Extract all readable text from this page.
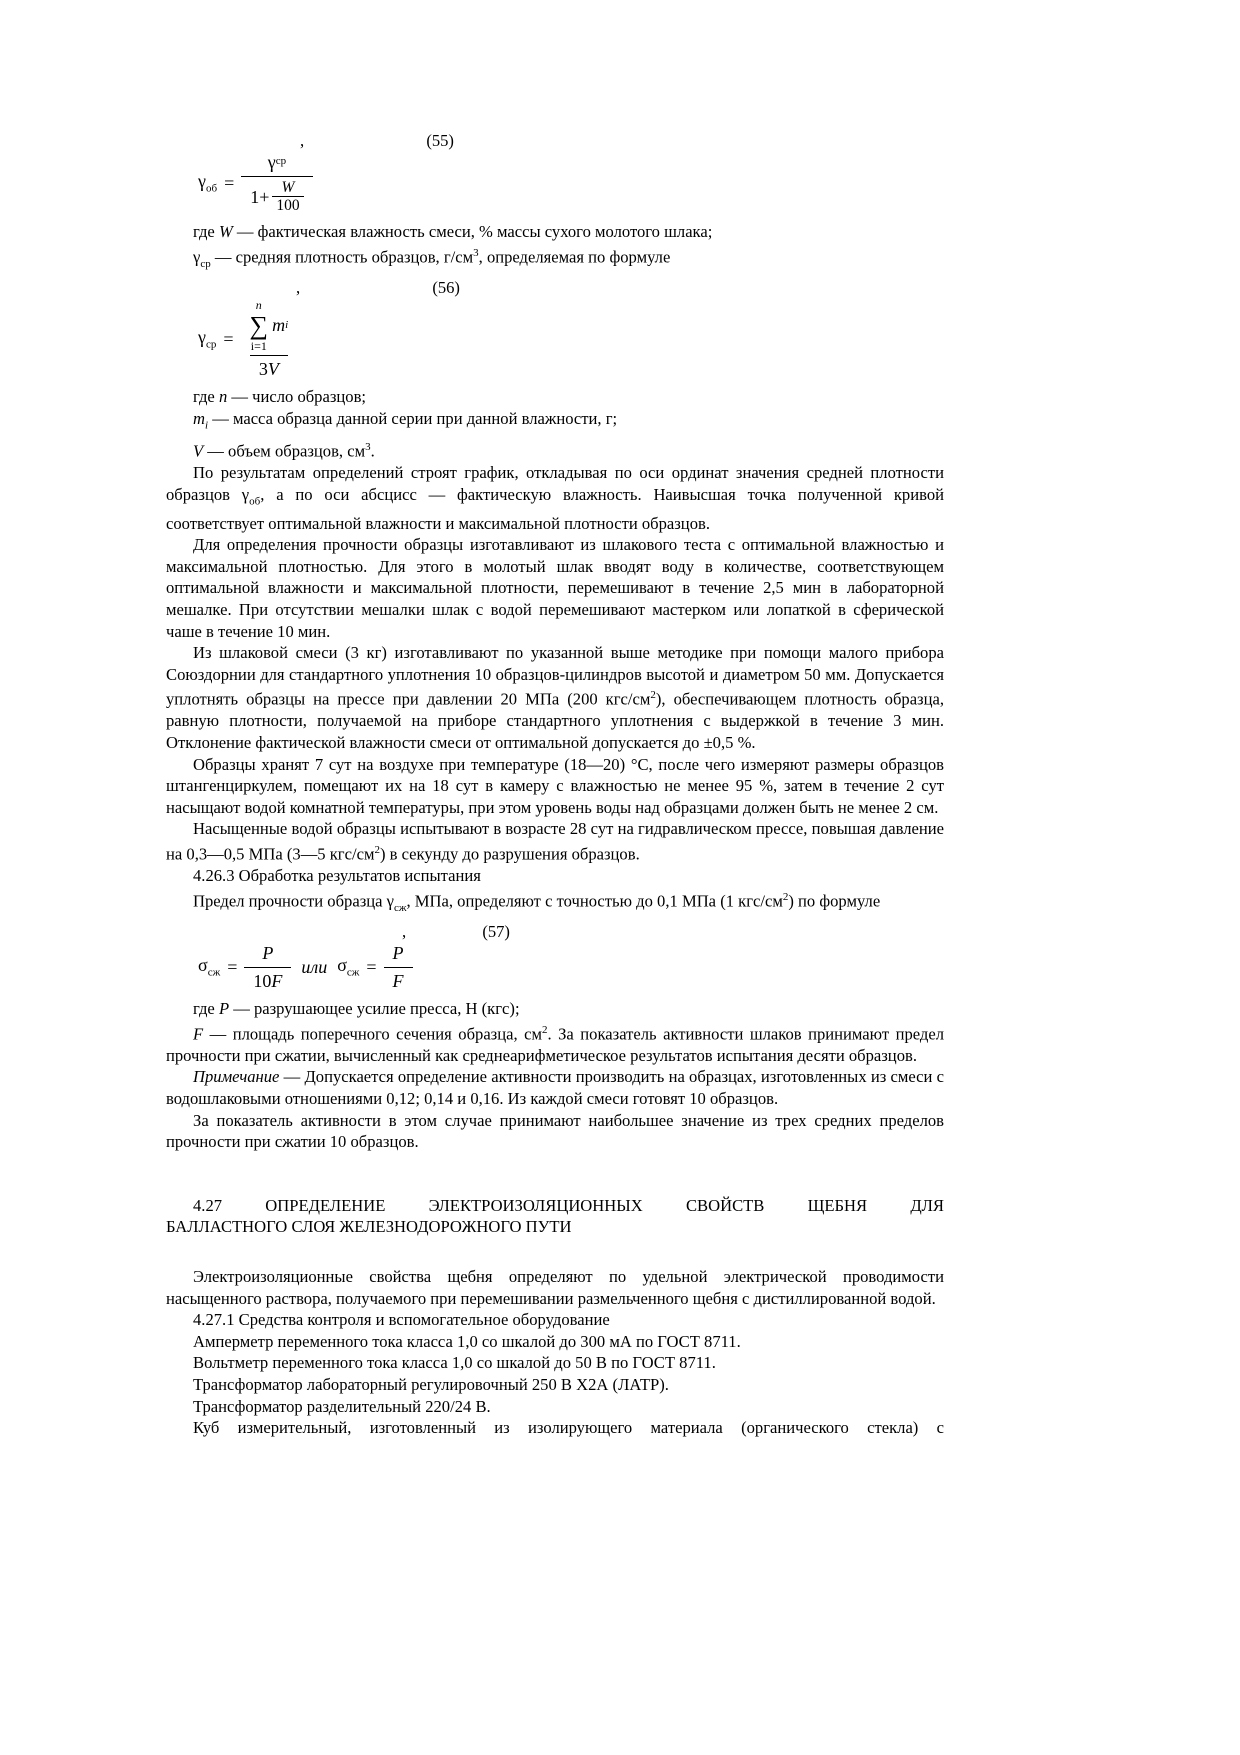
,	(55)
$\gamma_{об} = \frac{\text{γ ср}}{1+ \frac{W}{100}}$

где W — фактическая влажность смеси, % массы сухого молотого шлака;

$\gamma_{ср}$ — средняя плотность образцов, $г/см^3$, определяемая по формуле

,	(56)
$\gamma_{ср}$ =
n
∑
i=1
m i
3 V

где n — число образцов;

$m_i$ — масса образца данной серии при данной влажности, г;

V — объем образцов, $см^3$.

По результатам определений строят график, откладывая по оси ординат значения средней плотности образцов $\gamma_{об}$, а по оси абсцисс — фактическую влажность. Наивысшая точка полученной кривой соответствует оптимальной влажности и максимальной плотности образцов.

Для определения прочности образцы изготавливают из шлакового теста с оптимальной влажностью и максимальной плотностью. Для этого в молотый шлак вводят воду в количестве, соответствующем оптимальной влажности и максимальной плотности, перемешивают в течение 2,5 мин в лабораторной мешалке. При отсутствии мешалки шлак с водой перемешивают мастерком или лопаткой в сферической чаше в течение 10 мин.

Из шлаковой смеси (3 кг) изготавливают по указанной выше методике при помощи малого прибора Союздорнии для стандартного уплотнения 10 образцов-цилиндров высотой и диаметром 50 мм. Допускается уплотнять образцы на прессе при давлении 20 МПа (200 кгс/$см^2$), обеспечивающем плотность образца, равную плотности, получаемой на приборе стандартного уплотнения с выдержкой в течение 3 мин. Отклонение фактической влажности смеси от оптимальной допускается до ±0,5 %.

Образцы хранят 7 сут на воздухе при температуре (18—20) °С, после чего измеряют размеры образцов штангенциркулем, помещают их на 18 сут в камеру с влажностью не менее 95 %, затем в течение 2 сут насыщают водой комнатной температуры, при этом уровень воды над образцами должен быть не менее 2 см.

Насыщенные водой образцы испытывают в возрасте 28 сут на гидравлическом прессе, повышая давление на 0,3—0,5 МПа (3—5 кгс/$см^2$) в секунду до разрушения образцов.

4.26.3 Обработка результатов испытания

Предел прочности образца $\gamma_{сж}$, МПа, определяют с точностью до 0,1 МПа (1 кгс/$см^2$) по формуле

,	(57)
$\sigma_{сж} = \frac{P}{10 F}$ или $\sigma_{сж} = \frac{P}{F}$

где P — разрушающее усилие пресса, Н (кгс);

F — площадь поперечного сечения образца, $см^2$. За показатель активности шлаков принимают предел прочности при сжатии, вычисленный как среднеарифметическое результатов испытания десяти образцов.

Примечание — Допускается определение активности производить на образцах, изготовленных из смеси с водошлаковыми отношениями 0,12; 0,14 и 0,16. Из каждой смеси готовят 10 образцов.

За показатель активности в этом случае принимают наибольшее значение из трех средних пределов прочности при сжатии 10 образцов.

4.27 ОПРЕДЕЛЕНИЕ ЭЛЕКТРОИЗОЛЯЦИОННЫХ СВОЙСТВ ЩЕБНЯ ДЛЯ
БАЛЛАСТНОГО СЛОЯ ЖЕЛЕЗНОДОРОЖНОГО ПУТИ

Электроизоляционные свойства щебня определяют по удельной электрической проводимости насыщенного раствора, получаемого при перемешивании размельченного щебня с дистиллированной водой.

4.27.1 Средства контроля и вспомогательное оборудование

Амперметр переменного тока класса 1,0 со шкалой до 300 мА по ГОСТ 8711.

Вольтметр переменного тока класса 1,0 со шкалой до 50 В по ГОСТ 8711.

Трансформатор лабораторный регулировочный 250 В Х2А (ЛАТР).

Трансформатор разделительный 220/24 В.

Куб измерительный, изготовленный из изолирующего материала (органического стекла) с
